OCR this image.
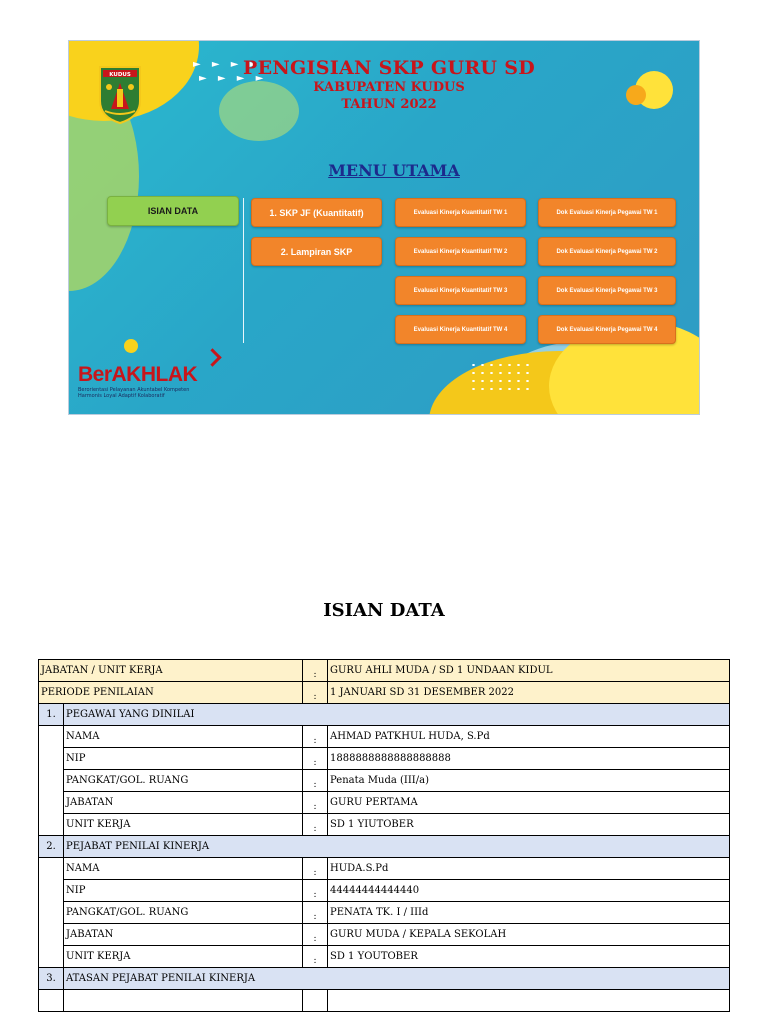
► ► ► ►
► ► ► ►
KUDUS	PENGISIAN SKP GURU SD
KABUPATEN KUDUS
TAHUN 2022
MENU UTAMA
ISIAN DATA	1. SKP JF (Kuantitatif)
2. Lampiran SKP
Evaluasi Kinerja Kuantitatif TW 1
Evaluasi Kinerja Kuantitatif TW 2
Evaluasi Kinerja Kuantitatif TW 3
Evaluasi Kinerja Kuantitatif TW 4
Dok Evaluasi Kinerja Pegawai TW 1
Dok Evaluasi Kinerja Pegawai TW 2
Dok Evaluasi Kinerja Pegawai TW 3
Dok Evaluasi Kinerja Pegawai TW 4
BerAKHLAK
Berorientasi Pelayanan Akuntabel Kompeten
Harmonis Loyal Adaptif Kolaboratif
ISIAN DATA
JABATAN / UNIT KERJA		:	GURU AHLI MUDA / SD 1 UNDAAN KIDUL
PERIODE PENILAIAN		:	1 JANUARI SD 31 DESEMBER 2022
1.	PEGAWAI YANG DINILAI		
	NAMA	:	AHMAD PATKHUL HUDA, S.Pd
	NIP	:	1888888888888888888
	PANGKAT/GOL. RUANG	:	Penata Muda (III/a)
	JABATAN	:	GURU PERTAMA
	UNIT KERJA	:	SD 1 YIUTOBER
2.	PEJABAT PENILAI KINERJA		
	NAMA	:	HUDA.S.Pd
	NIP	:	44444444444440
	PANGKAT/GOL. RUANG	:	PENATA TK. I / IIId
	JABATAN	:	GURU MUDA / KEPALA SEKOLAH
	UNIT KERJA	:	SD 1 YOUTOBER
3.	ATASAN PEJABAT PENILAI KINERJA		
